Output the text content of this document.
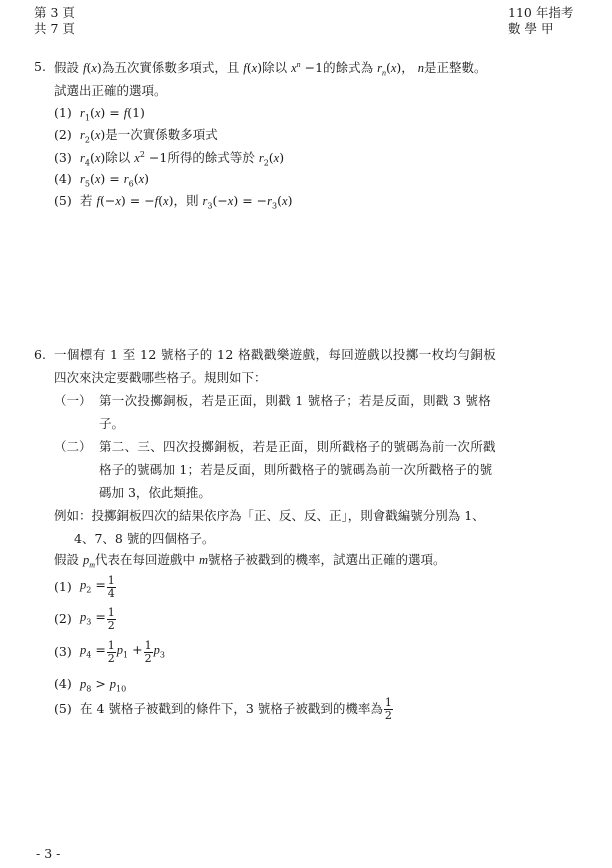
第 3 頁
共 7 頁
110 年指考
數 學 甲
5. 假設 f(x)為五次實係數多項式，且 f(x)除以 $x^n -1$的餘式為 $r_n(x)$， n是正整數。
試選出正確的選項。
(1) $r_1(x) = f(1)$
(2) $r_2(x)$是一次實係數多項式
(3) $r_4(x)$除以 $x^2 -1$所得的餘式等於 $r_2(x)$
(4) $r_5(x) = r_6(x)$
(5) 若 f(−x) = −f(x)，則 $r_3(-x) = -r_3(x)$
6. 一個標有 1 至 12 號格子的 12 格戳戳樂遊戲，每回遊戲以投擲一枚均勻銅板
四次來決定要戳哪些格子。規則如下：
（一） 第一次投擲銅板，若是正面，則戳 1 號格子；若是反面，則戳 3 號格
子。
（二） 第二、三、四次投擲銅板，若是正面，則所戳格子的號碼為前一次所戳
格子的號碼加 1；若是反面，則所戳格子的號碼為前一次所戳格子的號
碼加 3，依此類推。
例如：投擲銅板四次的結果依序為「正、反、反、正」，則會戳編號分別為 1、
4、7、8 號的四個格子。
假設 $p_m$代表在每回遊戲中 m號格子被戳到的機率，試選出正確的選項。
(1) $p_2 = \frac{1}{4}$
(2) $p_3 = \frac{1}{2}$
(3) $p_4 = \frac{1}{2} p_1 + \frac{1}{2} p_3$
(4) $p_8 > p_{10}$
(5) 在 4 號格子被戳到的條件下，3 號格子被戳到的機率為 $\frac{1}{2}$
- 3 -
